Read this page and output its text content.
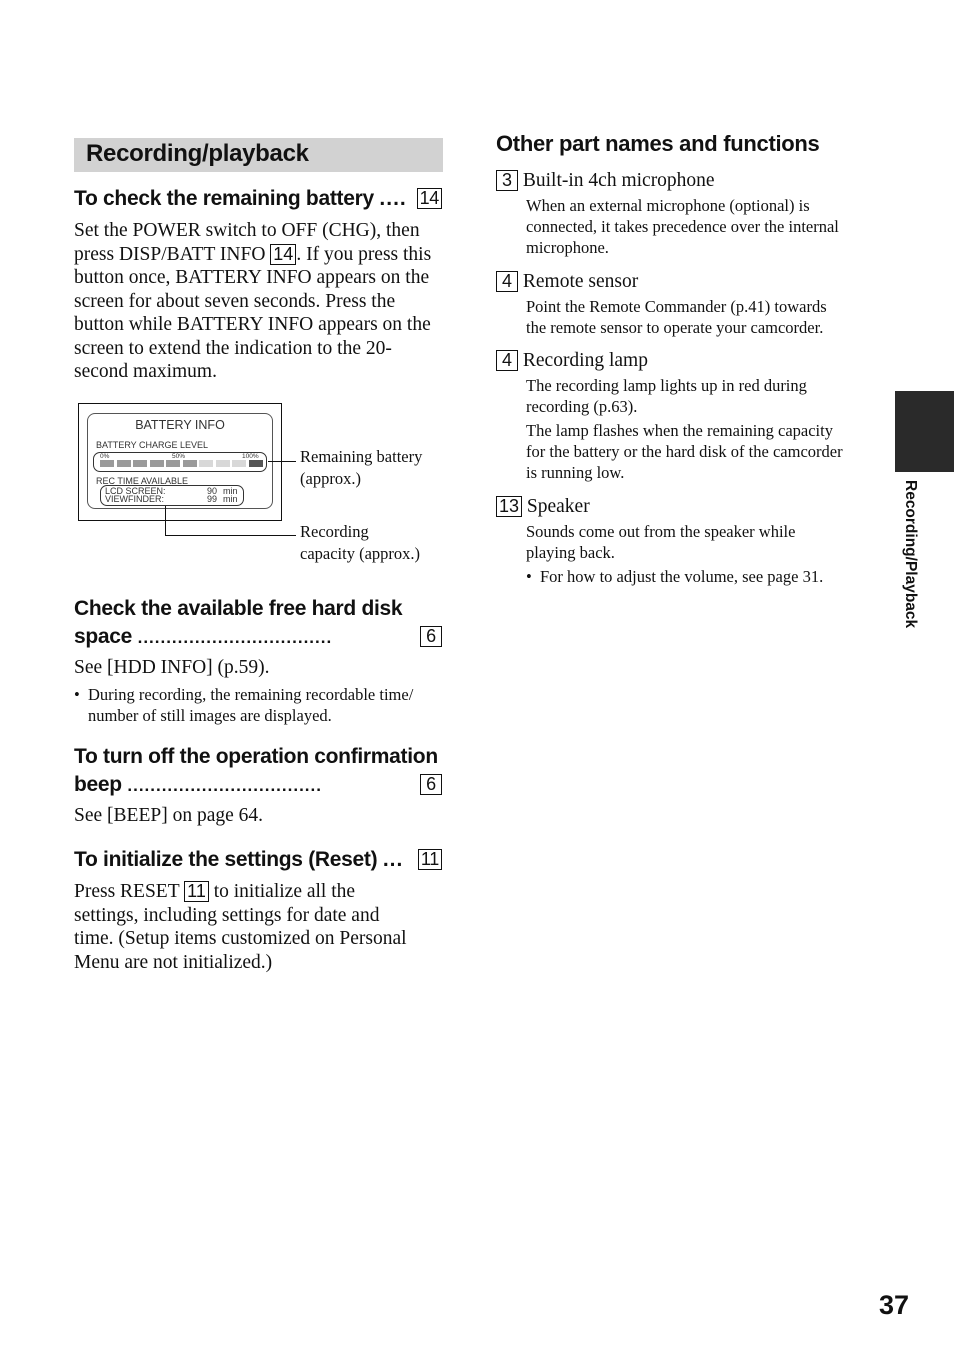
Recording/playback
To check the remaining battery .... 14

Set the POWER switch to OFF (CHG), then

press DISP/BATT INFO 14 . If you press this

button once, BATTERY INFO appears on the

screen for about seven seconds. Press the

button while BATTERY INFO appears on the

screen to extend the indication to the 20-

second maximum.

BATTERY INFO
BATTERY CHARGE LEVEL
0%	50%	100%
REC TIME AVAILABLE
LCD SCREEN:	90 min
VIEWFINDER:	99 min
Remaining battery
(approx.)
Recording
capacity (approx.)
Check the available free hard disk
space ..................................	6

See [HDD INFO] (p.59).

• During recording, the remaining recordable time/
number of still images are displayed.
To turn off the operation confirmation
beep ..................................	6

See [BEEP] on page 64.

To initialize the settings (Reset) ... 11

Press RESET 11 to initialize all the

settings, including settings for date and

time. (Setup items customized on Personal

Menu are not initialized.)

Other part names and functions
3 Built-in 4ch microphone

When an external microphone (optional) is

connected, it takes precedence over the internal

microphone.

4 Remote sensor

Point the Remote Commander (p.41) towards

the remote sensor to operate your camcorder.

4 Recording lamp

The recording lamp lights up in red during

recording (p.63).

The lamp flashes when the remaining capacity

for the battery or the hard disk of the camcorder

is running low.

13 Speaker

Sounds come out from the speaker while

playing back.

• For how to adjust the volume, see page 31.	Recording/Playback
37
